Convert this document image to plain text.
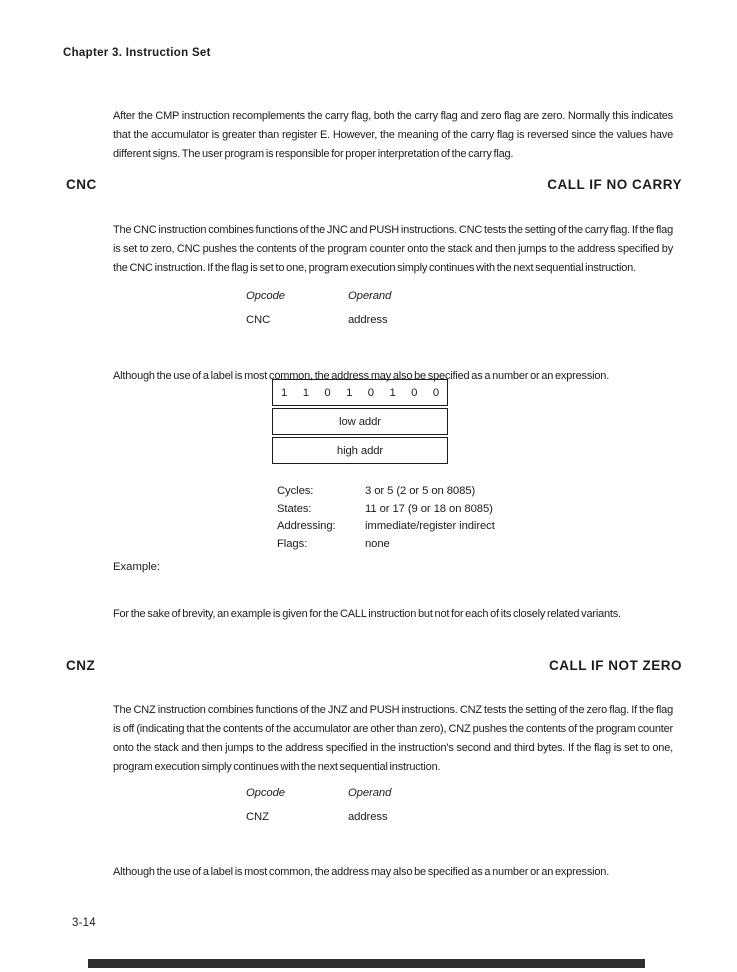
Chapter 3. Instruction Set

After the CMP instruction recomplements the carry flag, both the carry flag and zero flag are zero. Normally this indicates that the accumulator is greater than register E. However, the meaning of the carry flag is reversed since the values have different signs. The user program is responsible for proper interpretation of the carry flag.

CNC	CALL IF NO CARRY

The CNC instruction combines functions of the JNC and PUSH instructions. CNC tests the setting of the carry flag. If the flag is set to zero, CNC pushes the contents of the program counter onto the stack and then jumps to the address specified by the CNC instruction. If the flag is set to one, program execution simply continues with the next sequential instruction.

Opcode	Operand
CNC	address

Although the use of a label is most common, the address may also be specified as a number or an expression.

1 1 0 1 0 1 0 0
low addr
high addr
Cycles:	3 or 5 (2 or 5 on 8085)
States:	11 or 17 (9 or 18 on 8085)
Addressing:	immediate/register indirect
Flags:	none
Example:

For the sake of brevity, an example is given for the CALL instruction but not for each of its closely related variants.

CNZ	CALL IF NOT ZERO

The CNZ instruction combines functions of the JNZ and PUSH instructions. CNZ tests the setting of the zero flag. If the flag is off (indicating that the contents of the accumulator are other than zero), CNZ pushes the contents of the program counter onto the stack and then jumps to the address specified in the instruction's second and third bytes. If the flag is set to one, program execution simply continues with the next sequential instruction.

Opcode	Operand
CNZ	address

Although the use of a label is most common, the address may also be specified as a number or an expression.

3-14
